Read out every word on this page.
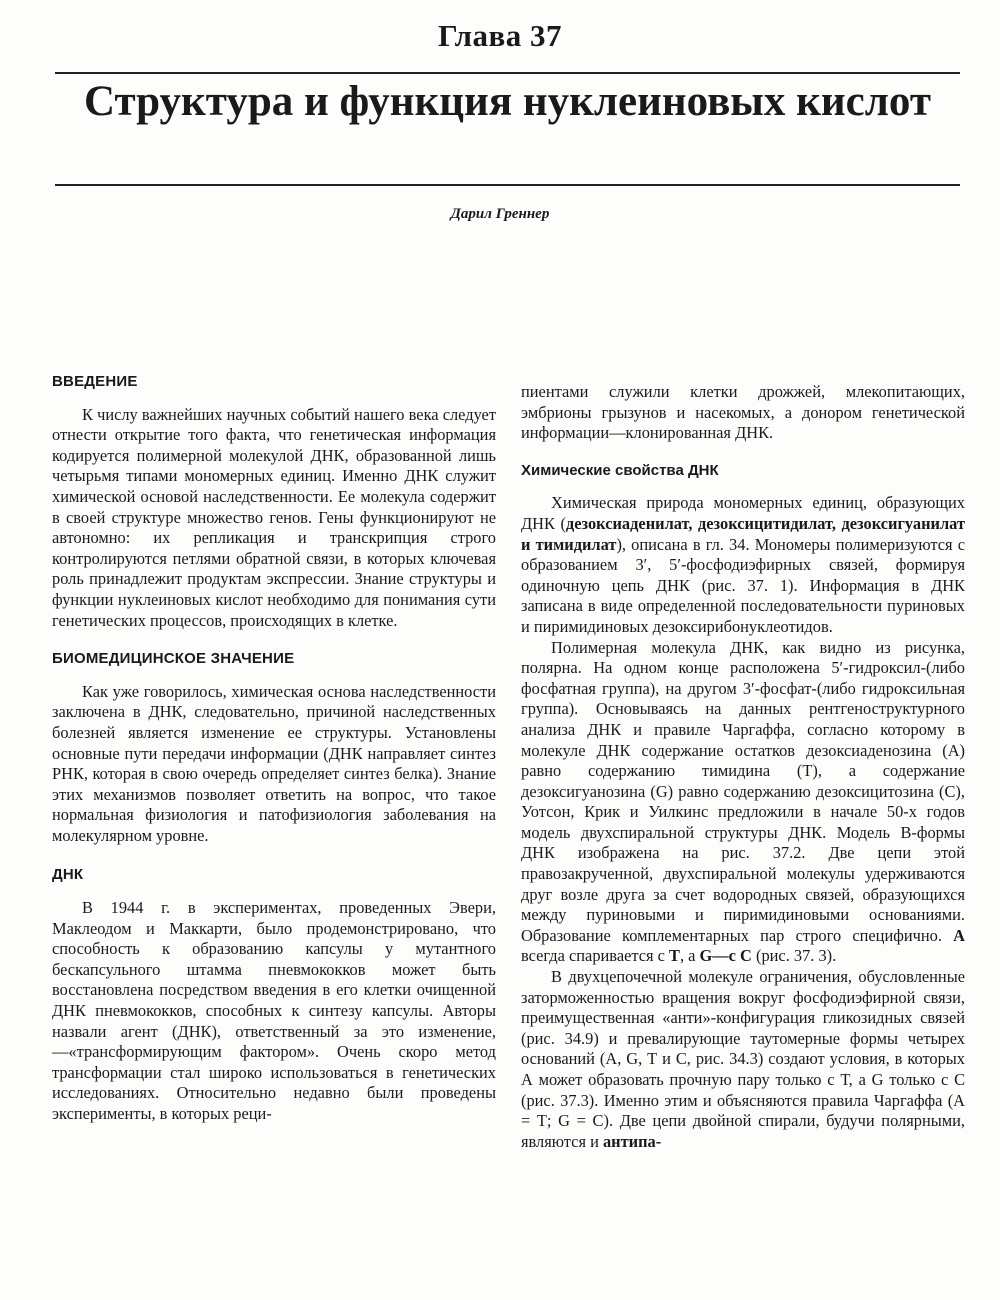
Глава 37
Структура и функция нуклеиновых кислот
Дарил Греннер
ВВЕДЕНИЕ

К числу важнейших научных событий нашего века следует отнести открытие того факта, что генетическая информация кодируется полимерной молекулой ДНК, образованной лишь четырьмя типами мономерных единиц. Именно ДНК служит химической основой наследственности. Ее молекула содержит в своей структуре множество генов. Гены функционируют не автономно: их репликация и транскрипция строго контролируются петлями обратной связи, в которых ключевая роль принадлежит продуктам экспрессии. Знание структуры и функции нуклеиновых кислот необходимо для понимания сути генетических процессов, происходящих в клетке.

БИОМЕДИЦИНСКОЕ ЗНАЧЕНИЕ

Как уже говорилось, химическая основа наследственности заключена в ДНК, следовательно, причиной наследственных болезней является изменение ее структуры. Установлены основные пути передачи информации (ДНК направляет синтез РНК, которая в свою очередь определяет синтез белка). Знание этих механизмов позволяет ответить на вопрос, что такое нормальная физиология и патофизиология заболевания на молекулярном уровне.

ДНК

В 1944 г. в экспериментах, проведенных Эвери, Маклеодом и Маккарти, было продемонстрировано, что способность к образованию капсулы у мутантного бескапсульного штамма пневмококков может быть восстановлена посредством введения в его клетки очищенной ДНК пневмококков, способных к синтезу капсулы. Авторы назвали агент (ДНК), ответственный за это изменение,—«трансформирующим фактором». Очень скоро метод трансформации стал широко использоваться в генетических исследованиях. Относительно недавно были проведены эксперименты, в которых реци-

пиентами служили клетки дрожжей, млекопитающих, эмбрионы грызунов и насекомых, а донором генетической информации—клонированная ДНК.

Химические свойства ДНК

Химическая природа мономерных единиц, образующих ДНК (дезоксиаденилат, дезоксицитидилат, дезоксигуанилат и тимидилат), описана в гл. 34. Мономеры полимеризуются с образованием 3′, 5′-фосфодиэфирных связей, формируя одиночную цепь ДНК (рис. 37. 1). Информация в ДНК записана в виде определенной последовательности пуриновых и пиримидиновых дезоксирибонуклеотидов.

Полимерная молекула ДНК, как видно из рисунка, полярна. На одном конце расположена 5′-гидроксил-(либо фосфатная группа), на другом 3′-фосфат-(либо гидроксильная группа). Основываясь на данных рентгеноструктурного анализа ДНК и правиле Чаргаффа, согласно которому в молекуле ДНК содержание остатков дезоксиаденозина (А) равно содержанию тимидина (Т), а содержание дезоксигуанозина (G) равно содержанию дезоксицитозина (С), Уотсон, Крик и Уилкинс предложили в начале 50-х годов модель двухспиральной структуры ДНК. Модель В-формы ДНК изображена на рис. 37.2. Две цепи этой правозакрученной, двухспиральной молекулы удерживаются друг возле друга за счет водородных связей, образующихся между пуриновыми и пиримидиновыми основаниями. Образование комплементарных пар строго специфично. А всегда спаривается с Т, а G—с С (рис. 37. 3).

В двухцепочечной молекуле ограничения, обусловленные заторможенностью вращения вокруг фосфодиэфирной связи, преимущественная «анти»-конфигурация гликозидных связей (рис. 34.9) и превалирующие таутомерные формы четырех оснований (A, G, Т и С, рис. 34.3) создают условия, в которых А может образовать прочную пару только с Т, а G только с С (рис. 37.3). Именно этим и объясняются правила Чаргаффа (А = Т; G = С). Две цепи двойной спирали, будучи полярными, являются и антипа-
